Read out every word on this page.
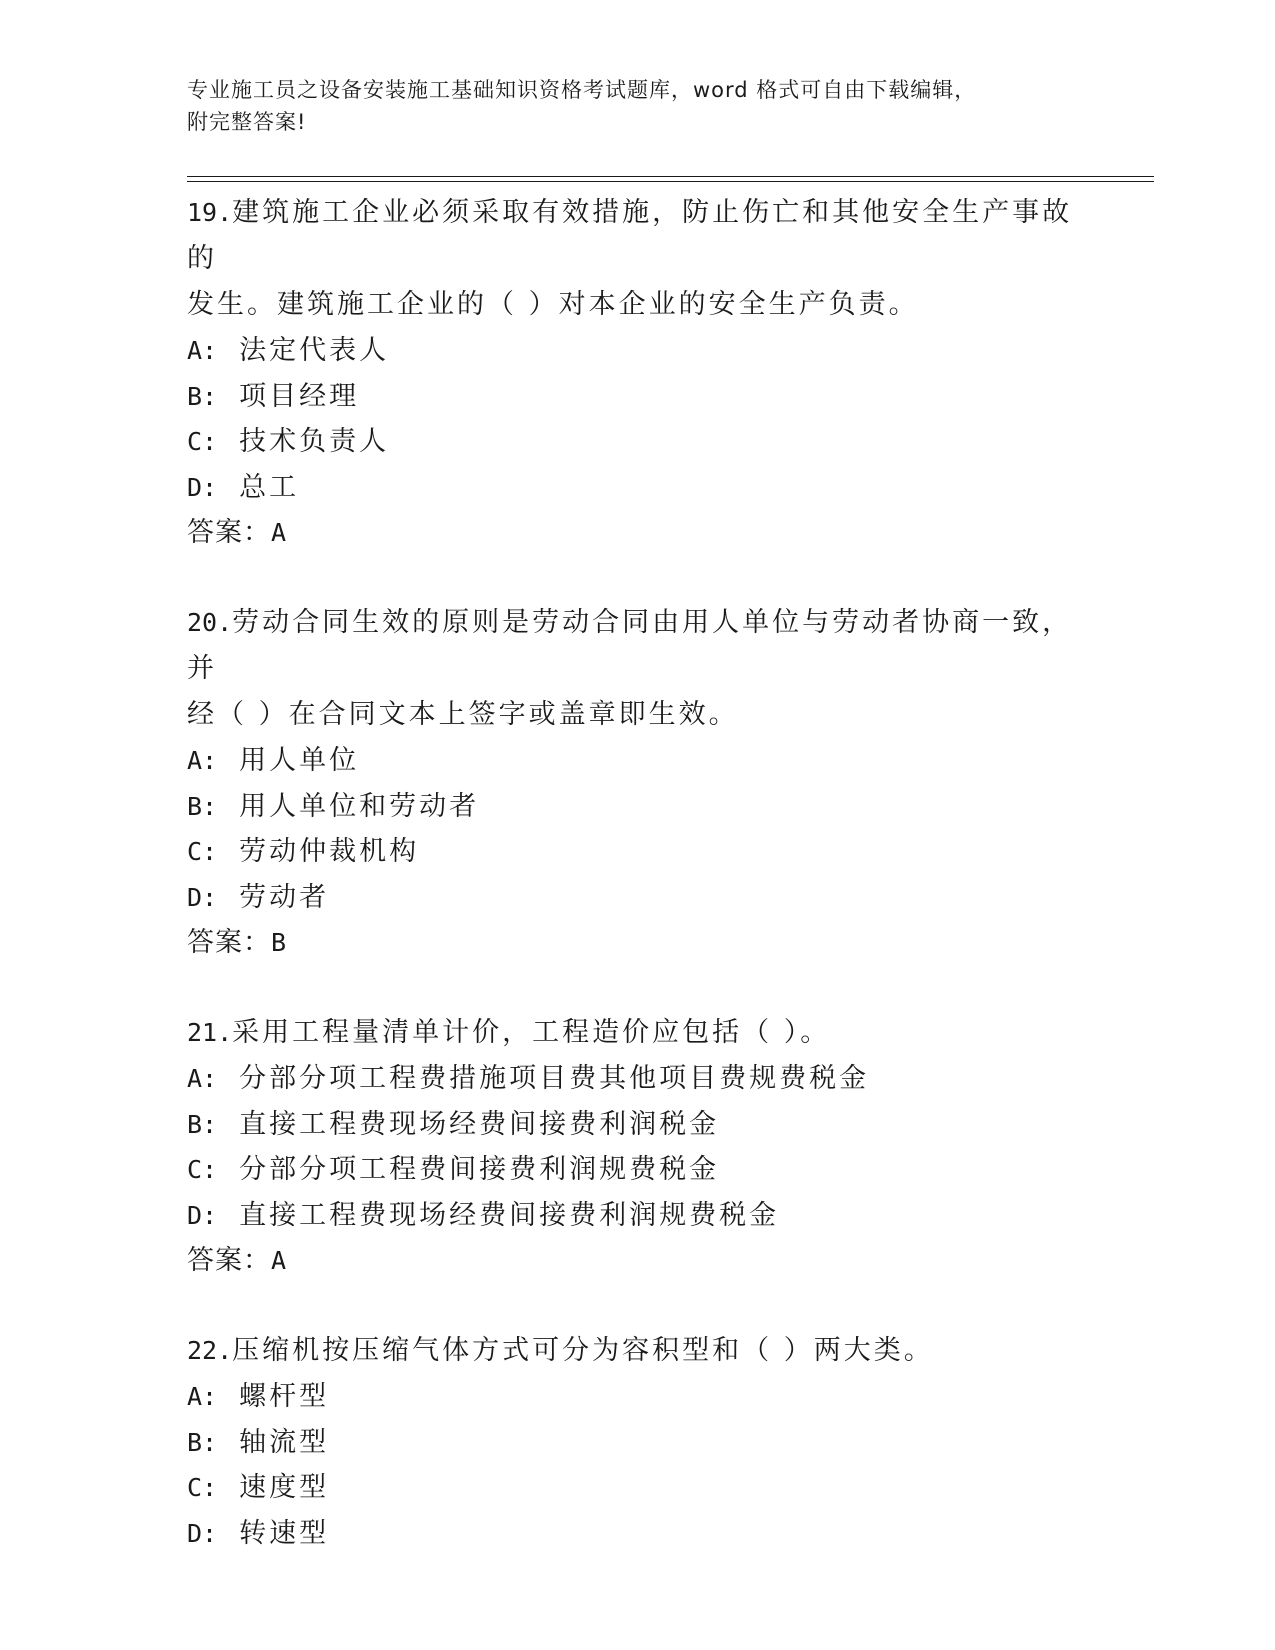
专业施工员之设备安装施工基础知识资格考试题库，word 格式可自由下载编辑，
附完整答案!

19.建筑施工企业必须采取有效措施，防止伤亡和其他安全生产事故的

发生。建筑施工企业的（ ）对本企业的安全生产负责。

A: 法定代表人

B: 项目经理

C: 技术负责人

D: 总工

答案：A

20.劳动合同生效的原则是劳动合同由用人单位与劳动者协商一致，并

经（ ）在合同文本上签字或盖章即生效。

A: 用人单位

B: 用人单位和劳动者

C: 劳动仲裁机构

D: 劳动者

答案：B

21.采用工程量清单计价，工程造价应包括（ ）。

A: 分部分项工程费措施项目费其他项目费规费税金

B: 直接工程费现场经费间接费利润税金

C: 分部分项工程费间接费利润规费税金

D: 直接工程费现场经费间接费利润规费税金

答案：A

22.压缩机按压缩气体方式可分为容积型和（ ）两大类。

A: 螺杆型

B: 轴流型

C: 速度型

D: 转速型
